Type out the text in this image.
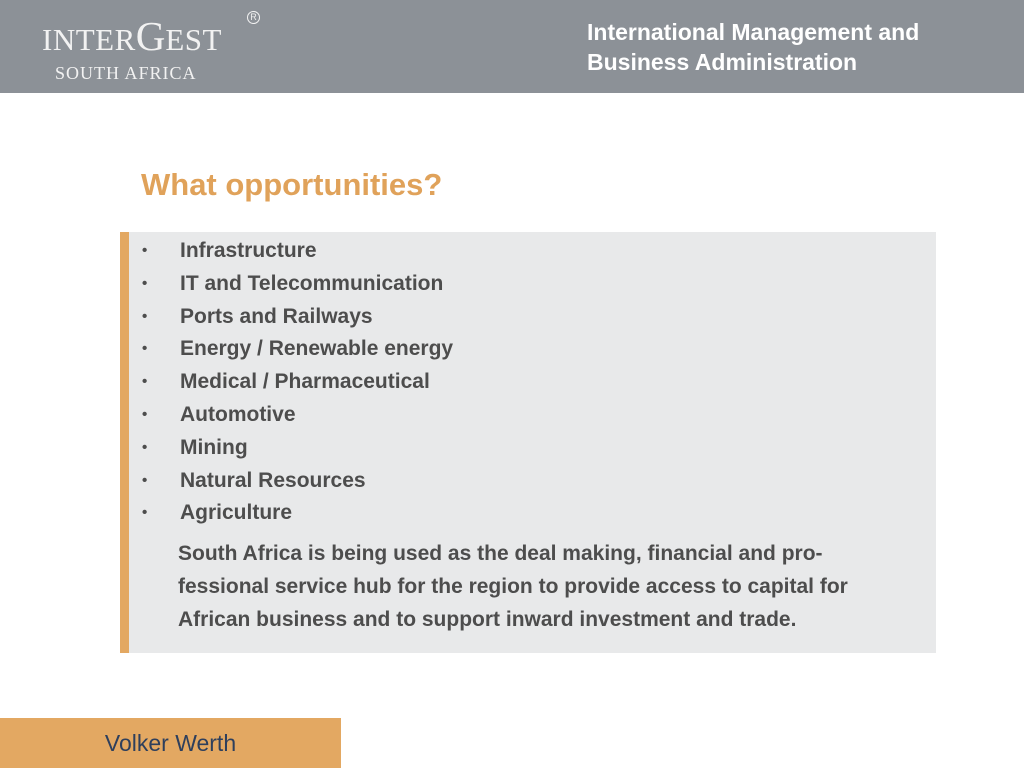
INTERGEST
R
SOUTH AFRICA
International Management and
Business Administration
What opportunities?
• Infrastructure
• IT and Telecommunication
• Ports and Railways
• Energy / Renewable energy
• Medical / Pharmaceutical
• Automotive
• Mining
• Natural Resources
• Agriculture
South Africa is being used as the deal making, financial and pro-
fessional service hub for the region to provide access to capital for
African business and to support inward investment and trade.
Volker Werth
